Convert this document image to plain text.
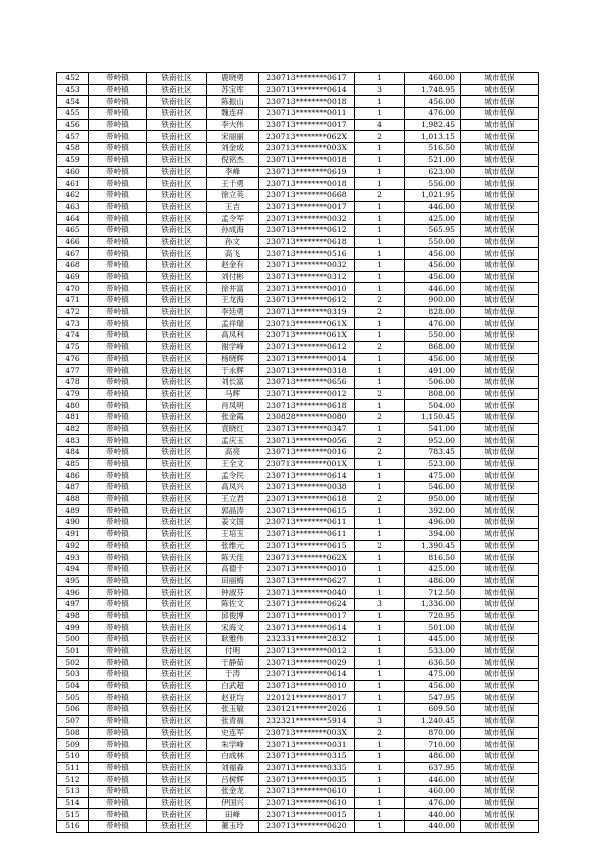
452	带岭镇	铁南社区	鹿晓勇	230713********0617	1	460.00	城市低保
453	带岭镇	铁南社区	苏宝库	230713********0614	3	1,748.95	城市低保
454	带岭镇	铁南社区	陈振山	230713********0018	1	456.00	城市低保
455	带岭镇	铁南社区	魏连祥	230713********0011	1	476.00	城市低保
456	带岭镇	铁南社区	李大伟	230713********0017	4	1,982.45	城市低保
457	带岭镇	铁南社区	宋丽丽	230713********062X	2	1,013.15	城市低保
458	带岭镇	铁南社区	刘金成	230713********003X	1	516.50	城市低保
459	带岭镇	铁南社区	倪铭杰	230713********0018	1	521.00	城市低保
460	带岭镇	铁南社区	李峰	230713********0619	1	623.00	城市低保
461	带岭镇	铁南社区	王千勇	230713********0018	1	556.00	城市低保
462	带岭镇	铁南社区	徐立英	230713********0668	2	1,021.95	城市低保
463	带岭镇	铁南社区	王吉	230713********0017	1	446.00	城市低保
464	带岭镇	铁南社区	孟令军	230713********0032	1	425.00	城市低保
465	带岭镇	铁南社区	孙成海	230713********0612	1	565.95	城市低保
466	带岭镇	铁南社区	孙文	230713********0618	1	550.00	城市低保
467	带岭镇	铁南社区	高飞	230713********0516	1	456.00	城市低保
468	带岭镇	铁南社区	赵金有	230713********0032	1	456.00	城市低保
469	带岭镇	铁南社区	刘付彬	230713********0312	1	456.00	城市低保
470	带岭镇	铁南社区	徐井富	230713********0010	1	446.00	城市低保
471	带岭镇	铁南社区	王龙海	230713********0612	2	900.00	城市低保
472	带岭镇	铁南社区	李廷勇	230713********0319	2	828.00	城市低保
473	带岭镇	铁南社区	孟祥瑞	230713********061X	1	476.00	城市低保
474	带岭镇	铁南社区	高凤利	230713********061X	1	550.00	城市低保
475	带岭镇	铁南社区	谢学峰	230713********0612	2	868.00	城市低保
476	带岭镇	铁南社区	杨晓辉	230713********0014	1	456.00	城市低保
477	带岭镇	铁南社区	于永辉	230713********0318	1	491.00	城市低保
478	带岭镇	铁南社区	刘长富	230713********0656	1	506.00	城市低保
479	带岭镇	铁南社区	马辉	230713********0012	2	808.00	城市低保
480	带岭镇	铁南社区	肖凤明	230713********0618	1	504.00	城市低保
481	带岭镇	铁南社区	张金霞	230828********0080	2	1,150.45	城市低保
482	带岭镇	铁南社区	袁晓红	230713********0347	1	541.00	城市低保
483	带岭镇	铁南社区	孟庆玉	230713********0056	2	952.00	城市低保
484	带岭镇	铁南社区	高亮	230713********0016	2	783.45	城市低保
485	带岭镇	铁南社区	王全文	230713********001X	1	523.00	城市低保
486	带岭镇	铁南社区	孟令民	230713********0614	1	475.00	城市低保
487	带岭镇	铁南社区	高凤兴	230713********0038	1	546.00	城市低保
488	带岭镇	铁南社区	王立君	230713********0618	2	950.00	城市低保
489	带岭镇	铁南社区	郭晶涛	230713********0615	1	392.00	城市低保
490	带岭镇	铁南社区	姜文国	230713********0611	1	496.00	城市低保
491	带岭镇	铁南社区	王培玉	230713********0611	1	394.00	城市低保
492	带岭镇	铁南社区	张维元	230713********0615	2	1,390.45	城市低保
493	带岭镇	铁南社区	陈天佳	230713********062X	1	816.50	城市低保
494	带岭镇	铁南社区	高德千	230713********0010	1	425.00	城市低保
495	带岭镇	铁南社区	田丽梅	230713********0627	1	486.00	城市低保
496	带岭镇	铁南社区	钟淑芬	230713********0040	1	712.50	城市低保
497	带岭镇	铁南社区	陈佐文	230713********0624	3	1,336.00	城市低保
498	带岭镇	铁南社区	邱俊博	230713********0017	1	720.95	城市低保
499	带岭镇	铁南社区	宋海文	230713********0614	1	501.00	城市低保
500	带岭镇	铁南社区	耿雅伟	232331********2832	1	445.00	城市低保
501	带岭镇	铁南社区	付明	230713********0012	1	533.00	城市低保
502	带岭镇	铁南社区	于静茹	230713********0029	1	636.50	城市低保
503	带岭镇	铁南社区	于涛	230713********0614	1	475.00	城市低保
504	带岭镇	铁南社区	白武超	230713********0010	1	456.00	城市低保
505	带岭镇	铁南社区	赵亚均	220121********8017	1	547.95	城市低保
506	带岭镇	铁南社区	张玉敏	230121********2026	1	609.50	城市低保
507	带岭镇	铁南社区	张青福	232321********5914	3	1,240.45	城市低保
508	带岭镇	铁南社区	史连军	230713********003X	2	870.00	城市低保
509	带岭镇	铁南社区	朱学峰	230713********0031	1	710.00	城市低保
510	带岭镇	铁南社区	白成林	230713********0315	1	486.00	城市低保
511	带岭镇	铁南社区	刘福森	230713********0335	1	637.95	城市低保
512	带岭镇	铁南社区	吕树辉	230713********0035	1	446.00	城市低保
513	带岭镇	铁南社区	张金龙	230713********0610	1	460.00	城市低保
514	带岭镇	铁南社区	伊国兴	230713********0610	1	476.00	城市低保
515	带岭镇	铁南社区	田峰	230713********0015	1	440.00	城市低保
516	带岭镇	铁南社区	董玉玲	230713********0620	1	440.00	城市低保
